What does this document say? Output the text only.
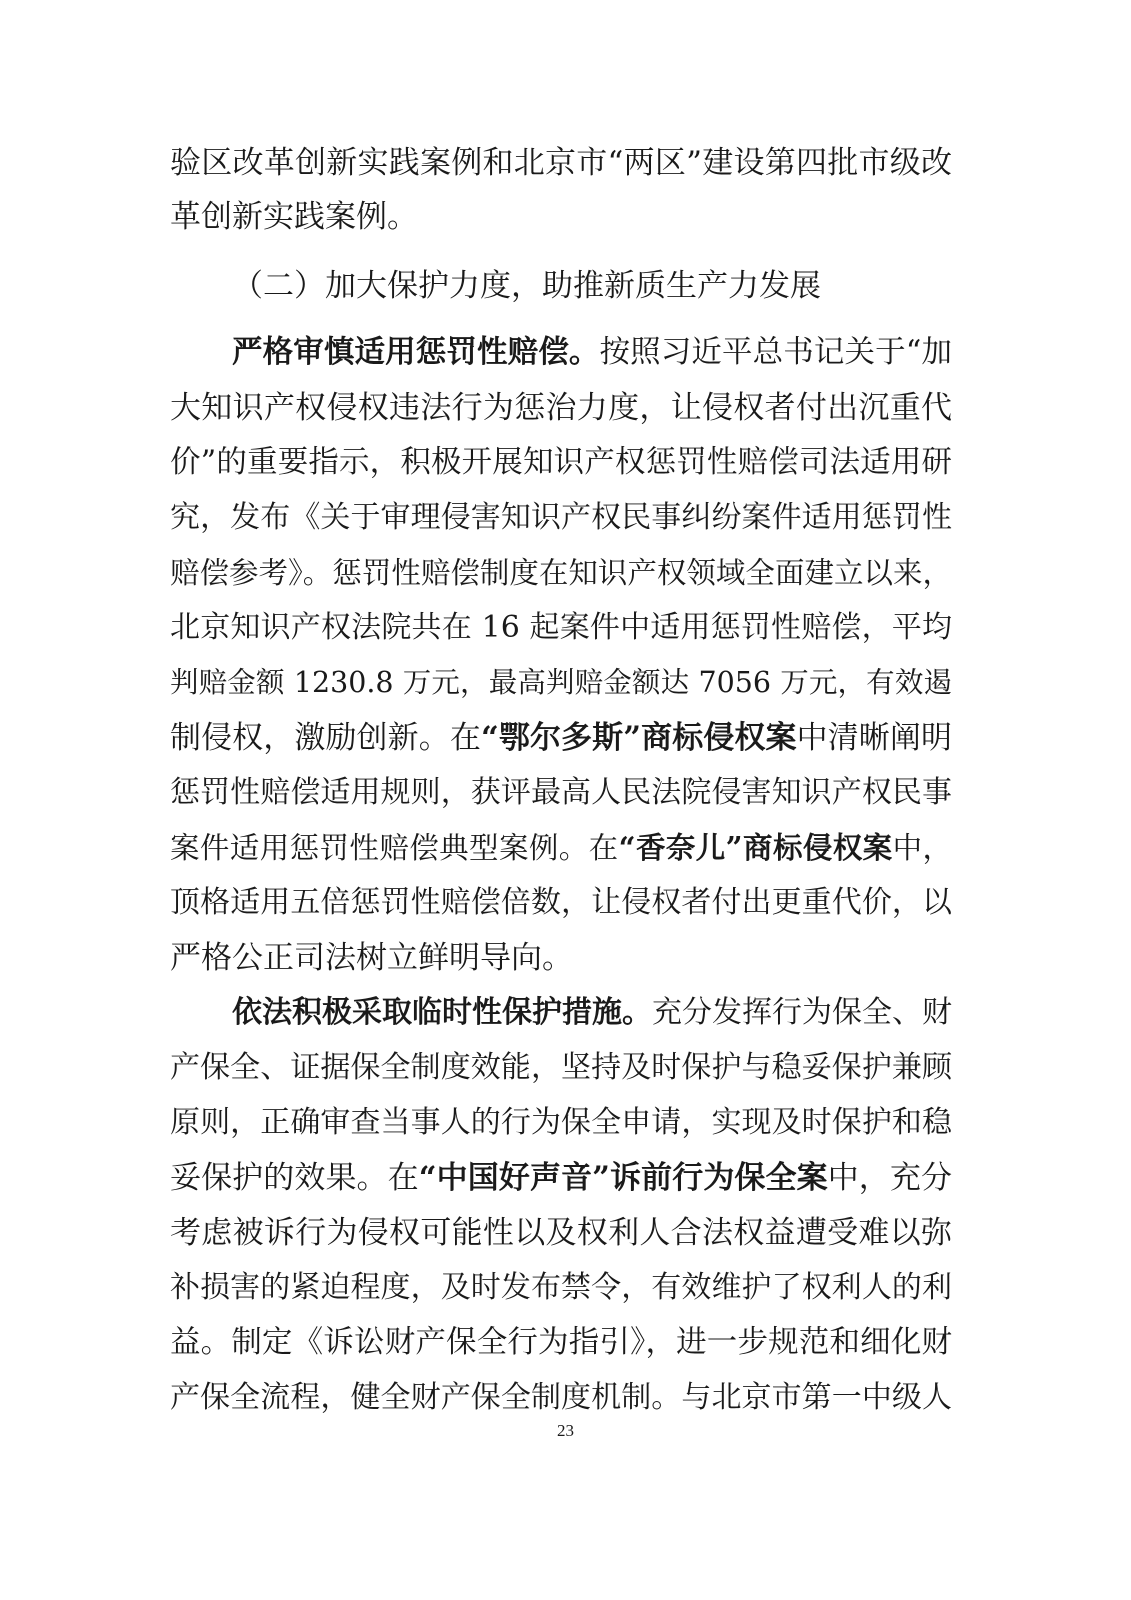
验区改革创新实践案例和北京市“两区”建设第四批市级改
革创新实践案例。
（二）加大保护力度，助推新质生产力发展
严格审慎适用惩罚性赔偿。按照习近平总书记关于“加
大知识产权侵权违法行为惩治力度，让侵权者付出沉重代
价”的重要指示，积极开展知识产权惩罚性赔偿司法适用研
究，发布《关于审理侵害知识产权民事纠纷案件适用惩罚性
赔偿参考》。惩罚性赔偿制度在知识产权领域全面建立以来，
北京知识产权法院共在 16 起案件中适用惩罚性赔偿，平均
判赔金额 1230.8 万元，最高判赔金额达 7056 万元，有效遏
制侵权，激励创新。在“鄂尔多斯”商标侵权案中清晰阐明
惩罚性赔偿适用规则，获评最高人民法院侵害知识产权民事
案件适用惩罚性赔偿典型案例。在“香奈儿”商标侵权案中，
顶格适用五倍惩罚性赔偿倍数，让侵权者付出更重代价，以
严格公正司法树立鲜明导向。
依法积极采取临时性保护措施。充分发挥行为保全、财
产保全、证据保全制度效能，坚持及时保护与稳妥保护兼顾
原则，正确审查当事人的行为保全申请，实现及时保护和稳
妥保护的效果。在“中国好声音”诉前行为保全案中，充分
考虑被诉行为侵权可能性以及权利人合法权益遭受难以弥
补损害的紧迫程度，及时发布禁令，有效维护了权利人的利
益。制定《诉讼财产保全行为指引》，进一步规范和细化财
产保全流程，健全财产保全制度机制。与北京市第一中级人
23
